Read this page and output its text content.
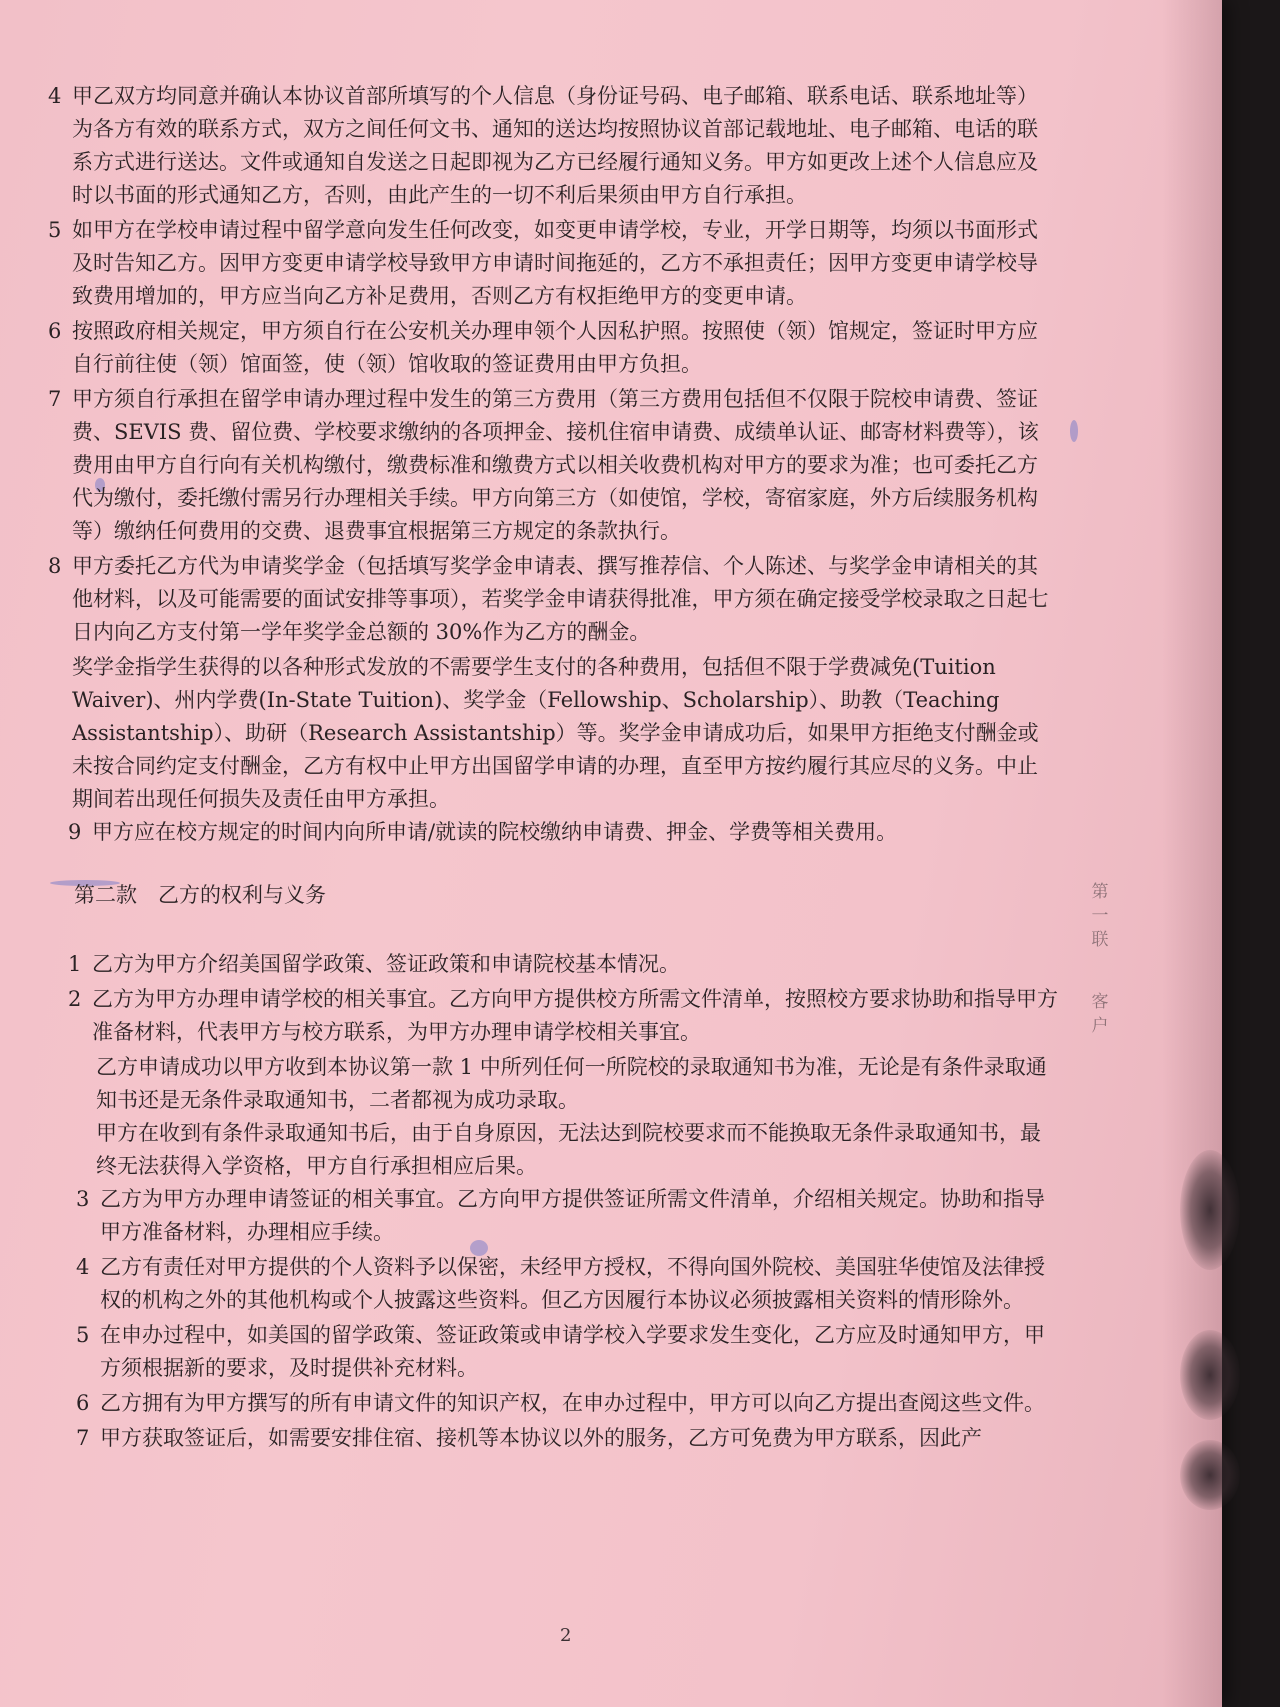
4 甲乙双方均同意并确认本协议首部所填写的个人信息（身份证号码、电子邮箱、联系电话、联系地址等）为各方有效的联系方式，双方之间任何文书、通知的送达均按照协议首部记载地址、电子邮箱、电话的联系方式进行送达。文件或通知自发送之日起即视为乙方已经履行通知义务。甲方如更改上述个人信息应及时以书面的形式通知乙方，否则，由此产生的一切不利后果须由甲方自行承担。
5 如甲方在学校申请过程中留学意向发生任何改变，如变更申请学校，专业，开学日期等，均须以书面形式及时告知乙方。因甲方变更申请学校导致甲方申请时间拖延的，乙方不承担责任；因甲方变更申请学校导致费用增加的，甲方应当向乙方补足费用，否则乙方有权拒绝甲方的变更申请。
6 按照政府相关规定，甲方须自行在公安机关办理申领个人因私护照。按照使（领）馆规定，签证时甲方应自行前往使（领）馆面签，使（领）馆收取的签证费用由甲方负担。
7 甲方须自行承担在留学申请办理过程中发生的第三方费用（第三方费用包括但不仅限于院校申请费、签证费、SEVIS 费、留位费、学校要求缴纳的各项押金、接机住宿申请费、成绩单认证、邮寄材料费等），该费用由甲方自行向有关机构缴付，缴费标准和缴费方式以相关收费机构对甲方的要求为准；也可委托乙方代为缴付，委托缴付需另行办理相关手续。甲方向第三方（如使馆，学校，寄宿家庭，外方后续服务机构等）缴纳任何费用的交费、退费事宜根据第三方规定的条款执行。
8 甲方委托乙方代为申请奖学金（包括填写奖学金申请表、撰写推荐信、个人陈述、与奖学金申请相关的其他材料，以及可能需要的面试安排等事项），若奖学金申请获得批准，甲方须在确定接受学校录取之日起七日内向乙方支付第一学年奖学金总额的 30%作为乙方的酬金。
奖学金指学生获得的以各种形式发放的不需要学生支付的各种费用，包括但不限于学费减免(Tuition Waiver)、州内学费(In-State Tuition)、奖学金（Fellowship、Scholarship）、助教（Teaching Assistantship）、助研（Research Assistantship）等。奖学金申请成功后，如果甲方拒绝支付酬金或未按合同约定支付酬金，乙方有权中止甲方出国留学申请的办理，直至甲方按约履行其应尽的义务。中止期间若出现任何损失及责任由甲方承担。
9 甲方应在校方规定的时间内向所申请/就读的院校缴纳申请费、押金、学费等相关费用。
第二款　乙方的权利与义务
1 乙方为甲方介绍美国留学政策、签证政策和申请院校基本情况。
2 乙方为甲方办理申请学校的相关事宜。乙方向甲方提供校方所需文件清单，按照校方要求协助和指导甲方准备材料，代表甲方与校方联系，为甲方办理申请学校相关事宜。
乙方申请成功以甲方收到本协议第一款 1 中所列任何一所院校的录取通知书为准，无论是有条件录取通知书还是无条件录取通知书，二者都视为成功录取。
甲方在收到有条件录取通知书后，由于自身原因，无法达到院校要求而不能换取无条件录取通知书，最终无法获得入学资格，甲方自行承担相应后果。
3 乙方为甲方办理申请签证的相关事宜。乙方向甲方提供签证所需文件清单，介绍相关规定。协助和指导甲方准备材料，办理相应手续。
4 乙方有责任对甲方提供的个人资料予以保密，未经甲方授权，不得向国外院校、美国驻华使馆及法律授权的机构之外的其他机构或个人披露这些资料。但乙方因履行本协议必须披露相关资料的情形除外。
5 在申办过程中，如美国的留学政策、签证政策或申请学校入学要求发生变化，乙方应及时通知甲方，甲方须根据新的要求，及时提供补充材料。
6 乙方拥有为甲方撰写的所有申请文件的知识产权，在申办过程中，甲方可以向乙方提出查阅这些文件。
7 甲方获取签证后，如需要安排住宿、接机等本协议以外的服务，乙方可免费为甲方联系，因此产
第一联
客户
2
